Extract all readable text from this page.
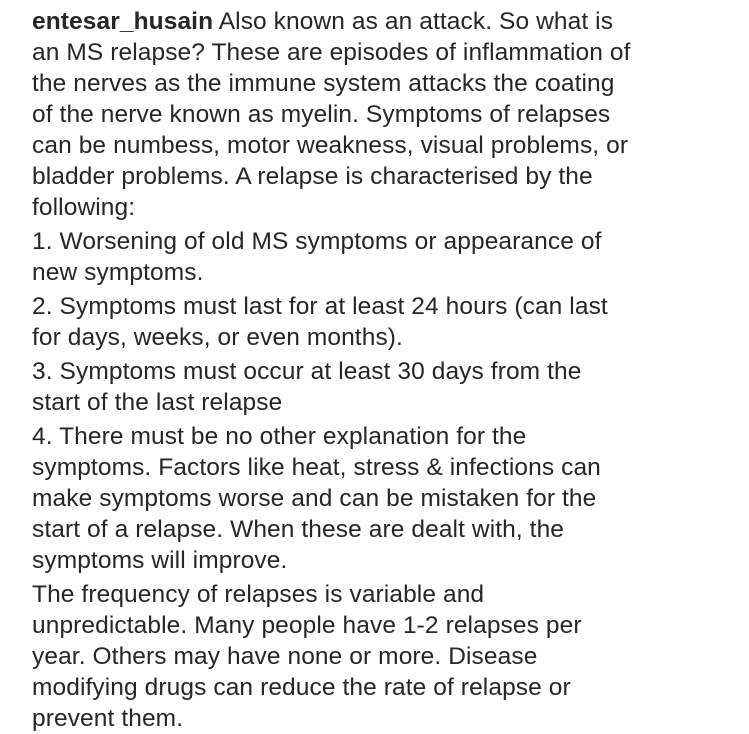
entesar_husain Also known as an attack. So what is
an MS relapse? These are episodes of inflammation of
the nerves as the immune system attacks the coating
of the nerve known as myelin. Symptoms of relapses
can be numbess, motor weakness, visual problems, or
bladder problems. A relapse is characterised by the
following:
1. Worsening of old MS symptoms or appearance of
new symptoms.
2. Symptoms must last for at least 24 hours (can last
for days, weeks, or even months).
3. Symptoms must occur at least 30 days from the
start of the last relapse
4. There must be no other explanation for the
symptoms. Factors like heat, stress & infections can
make symptoms worse and can be mistaken for the
start of a relapse. When these are dealt with, the
symptoms will improve.
The frequency of relapses is variable and
unpredictable. Many people have 1-2 relapses per
year. Others may have none or more. Disease
modifying drugs can reduce the rate of relapse or
prevent them.
